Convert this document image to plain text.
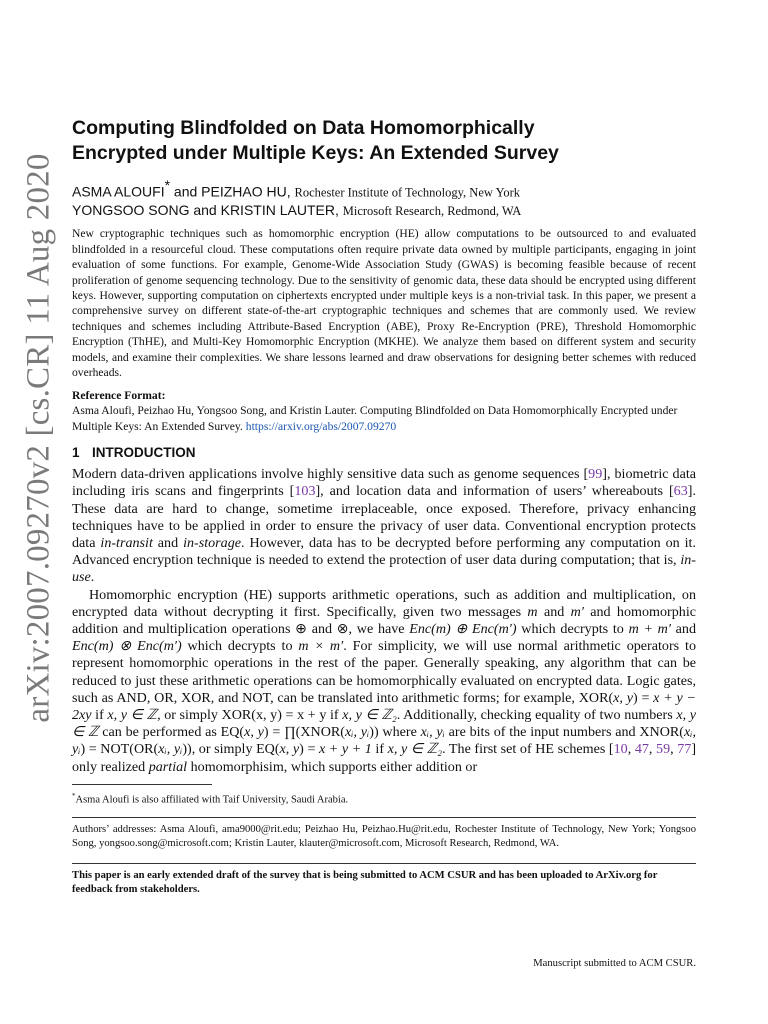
arXiv:2007.09270v2 [cs.CR] 11 Aug 2020
Computing Blindfolded on Data Homomorphically
Encrypted under Multiple Keys: An Extended Survey
ASMA ALOUFI* and PEIZHAO HU, Rochester Institute of Technology, New York
YONGSOO SONG and KRISTIN LAUTER, Microsoft Research, Redmond, WA
New cryptographic techniques such as homomorphic encryption (HE) allow computations to be outsourced to and evaluated blindfolded in a resourceful cloud. These computations often require private data owned by multiple participants, engaging in joint evaluation of some functions. For example, Genome-Wide Association Study (GWAS) is becoming feasible because of recent proliferation of genome sequencing technology. Due to the sensitivity of genomic data, these data should be encrypted using different keys. However, supporting computation on ciphertexts encrypted under multiple keys is a non-trivial task. In this paper, we present a comprehensive survey on different state-of-the-art cryptographic techniques and schemes that are commonly used. We review techniques and schemes including Attribute-Based Encryption (ABE), Proxy Re-Encryption (PRE), Threshold Homomorphic Encryption (ThHE), and Multi-Key Homomorphic Encryption (MKHE). We analyze them based on different system and security models, and examine their complexities. We share lessons learned and draw observations for designing better schemes with reduced overheads.
Reference Format:
Asma Aloufi, Peizhao Hu, Yongsoo Song, and Kristin Lauter. Computing Blindfolded on Data Homomorphically Encrypted under Multiple Keys: An Extended Survey. https://arxiv.org/abs/2007.09270
1 INTRODUCTION

Modern data-driven applications involve highly sensitive data such as genome sequences [99], biometric data including iris scans and fingerprints [103], and location data and information of users’ whereabouts [63]. These data are hard to change, sometime irreplaceable, once exposed. Therefore, privacy enhancing techniques have to be applied in order to ensure the privacy of user data. Conventional encryption protects data in-transit and in-storage. However, data has to be decrypted before performing any computation on it. Advanced encryption technique is needed to extend the protection of user data during computation; that is, in-use.

Homomorphic encryption (HE) supports arithmetic operations, such as addition and multiplication, on encrypted data without decrypting it first. Specifically, given two messages m and m′ and homomorphic addition and multiplication operations ⊕ and ⊗, we have Enc(m) ⊕ Enc(m′) which decrypts to m + m′ and Enc(m) ⊗ Enc(m′) which decrypts to m × m′. For simplicity, we will use normal arithmetic operators to represent homomorphic operations in the rest of the paper. Generally speaking, any algorithm that can be reduced to just these arithmetic operations can be homomorphically evaluated on encrypted data. Logic gates, such as AND, OR, XOR, and NOT, can be translated into arithmetic forms; for example, XOR(x, y) = x + y − 2xy if x, y ∈ ℤ, or simply XOR(x, y) = x + y if x, y ∈ ℤ₂. Additionally, checking equality of two numbers x, y ∈ ℤ can be performed as EQ(x, y) = ∏(XNOR(xᵢ, yᵢ)) where xᵢ, yᵢ are bits of the input numbers and XNOR(xᵢ, yᵢ) = NOT(OR(xᵢ, yᵢ)), or simply EQ(x, y) = x + y + 1 if x, y ∈ ℤ₂. The first set of HE schemes [10, 47, 59, 77] only realized partial homomorphisim, which supports either addition or

*Asma Aloufi is also affiliated with Taif University, Saudi Arabia.
Authors’ addresses: Asma Aloufi, ama9000@rit.edu; Peizhao Hu, Peizhao.Hu@rit.edu, Rochester Institute of Technology, New York; Yongsoo Song, yongsoo.song@microsoft.com; Kristin Lauter, klauter@microsoft.com, Microsoft Research, Redmond, WA.
This paper is an early extended draft of the survey that is being submitted to ACM CSUR and has been uploaded to ArXiv.org for feedback from stakeholders.
Manuscript submitted to ACM CSUR.
